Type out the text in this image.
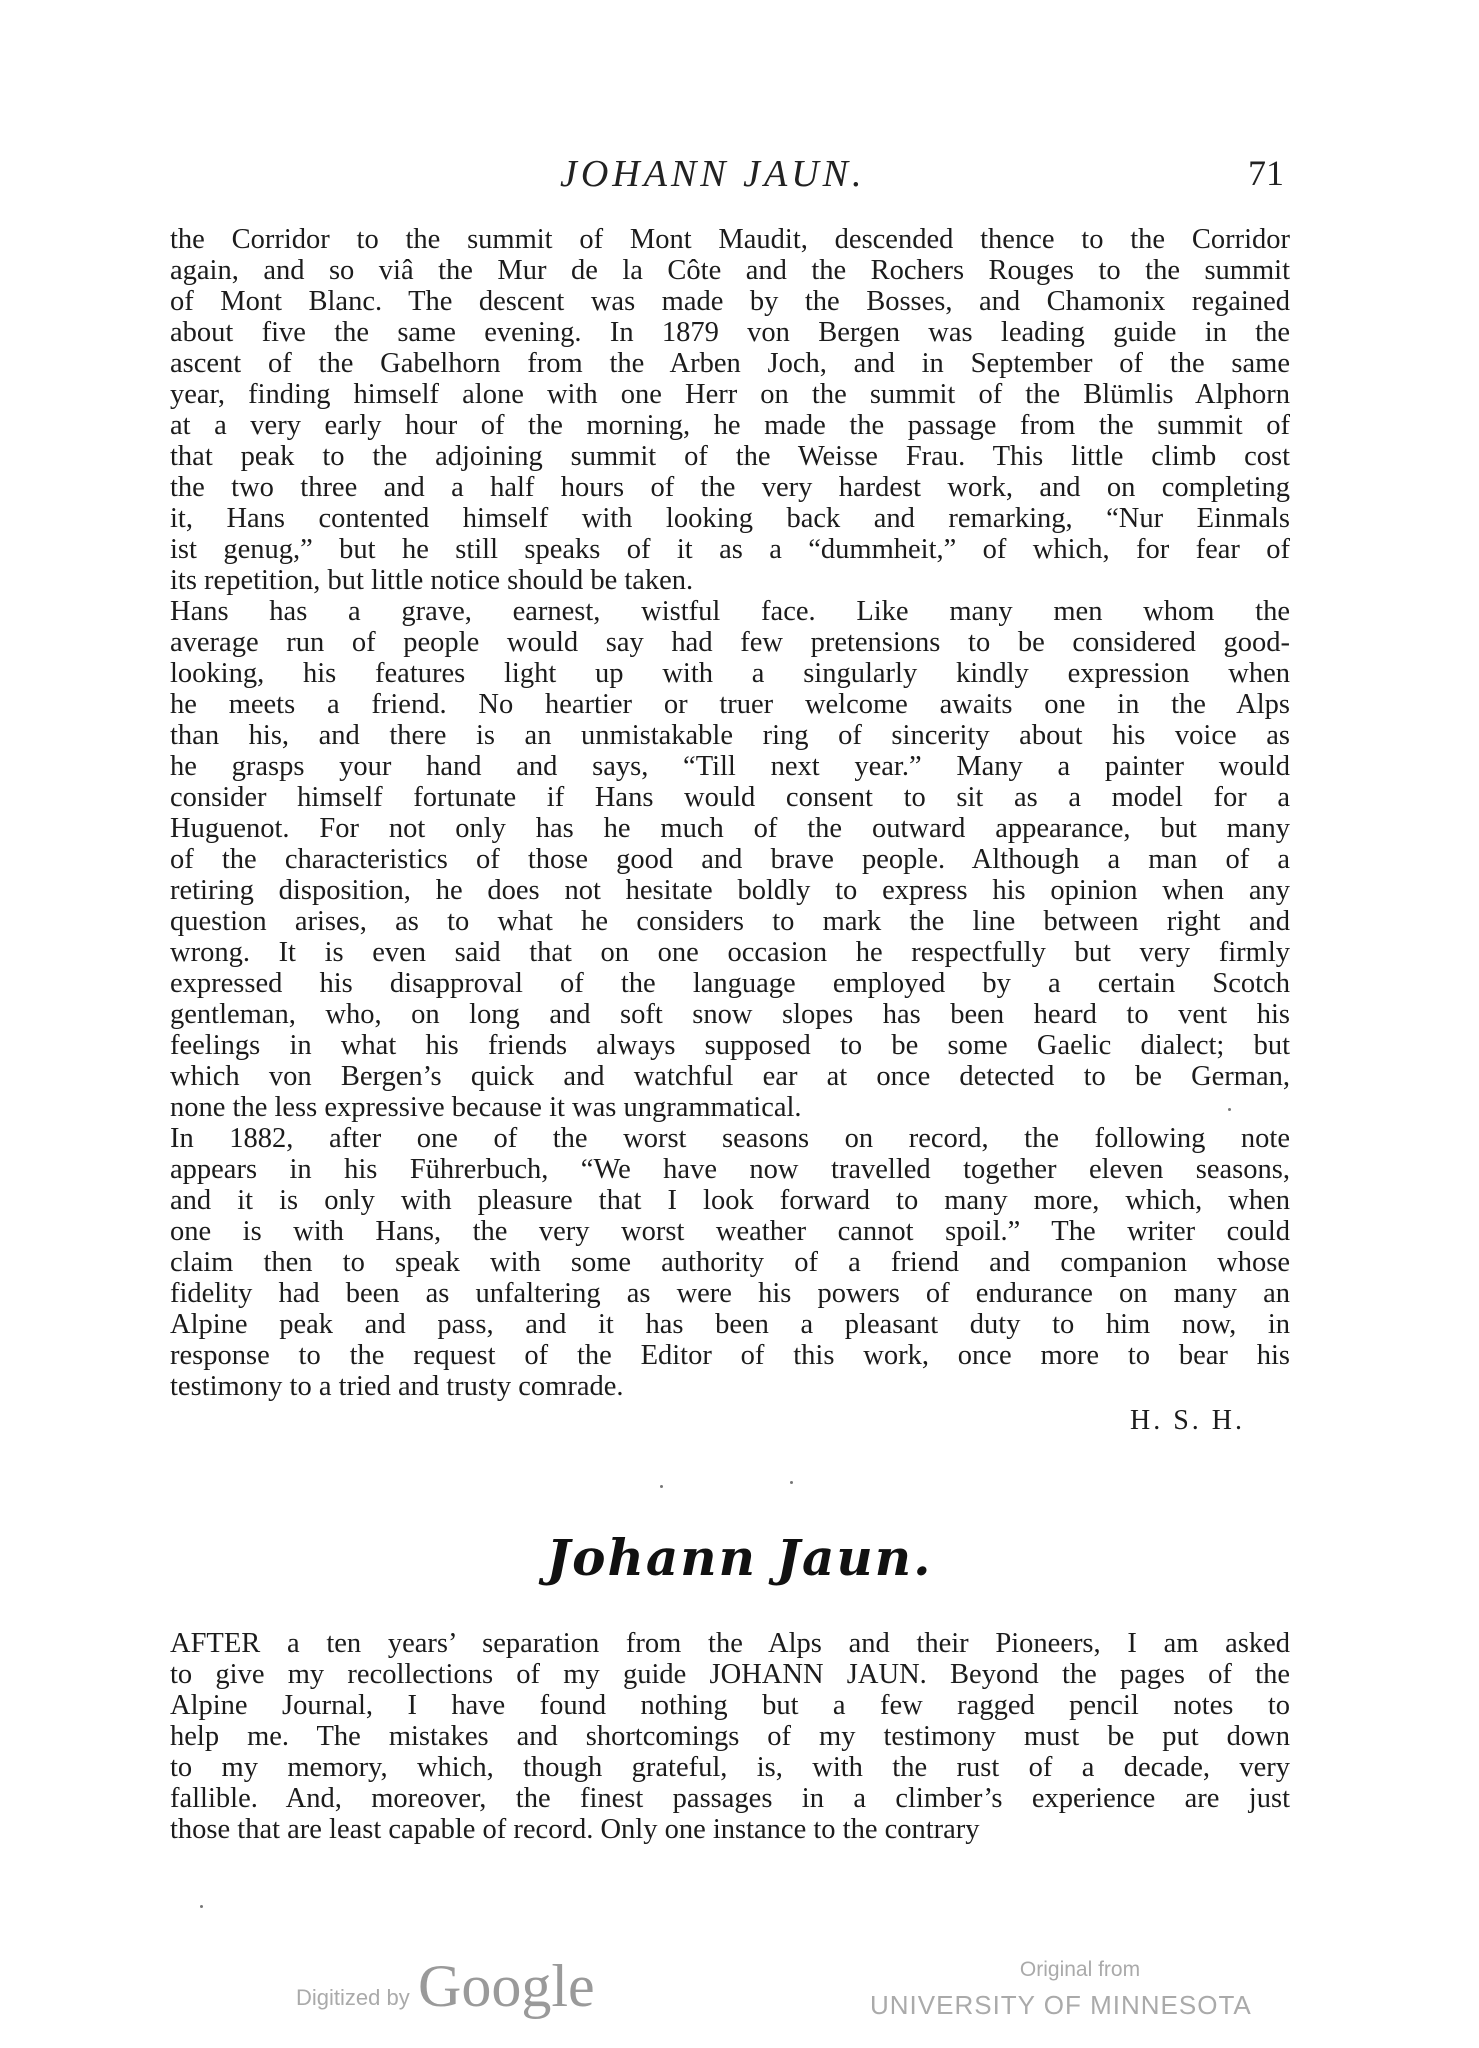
JOHANN JAUN.	71
the Corridor to the summit of Mont Maudit, descended thence to the Corridor
again, and so viâ the Mur de la Côte and the Rochers Rouges to the summit
of Mont Blanc. The descent was made by the Bosses, and Chamonix regained
about five the same evening. In 1879 von Bergen was leading guide in the
ascent of the Gabelhorn from the Arben Joch, and in September of the same
year, finding himself alone with one Herr on the summit of the Blümlis Alphorn
at a very early hour of the morning, he made the passage from the summit of
that peak to the adjoining summit of the Weisse Frau. This little climb cost
the two three and a half hours of the very hardest work, and on completing
it, Hans contented himself with looking back and remarking, “Nur Einmals
ist genug,” but he still speaks of it as a “dummheit,” of which, for fear of
its repetition, but little notice should be taken.
Hans has a grave, earnest, wistful face. Like many men whom the
average run of people would say had few pretensions to be considered good-
looking, his features light up with a singularly kindly expression when
he meets a friend. No heartier or truer welcome awaits one in the Alps
than his, and there is an unmistakable ring of sincerity about his voice as
he grasps your hand and says, “Till next year.” Many a painter would
consider himself fortunate if Hans would consent to sit as a model for a
Huguenot. For not only has he much of the outward appearance, but many
of the characteristics of those good and brave people. Although a man of a
retiring disposition, he does not hesitate boldly to express his opinion when any
question arises, as to what he considers to mark the line between right and
wrong. It is even said that on one occasion he respectfully but very firmly
expressed his disapproval of the language employed by a certain Scotch
gentleman, who, on long and soft snow slopes has been heard to vent his
feelings in what his friends always supposed to be some Gaelic dialect; but
which von Bergen’s quick and watchful ear at once detected to be German,
none the less expressive because it was ungrammatical.
In 1882, after one of the worst seasons on record, the following note
appears in his Führerbuch, “We have now travelled together eleven seasons,
and it is only with pleasure that I look forward to many more, which, when
one is with Hans, the very worst weather cannot spoil.” The writer could
claim then to speak with some authority of a friend and companion whose
fidelity had been as unfaltering as were his powers of endurance on many an
Alpine peak and pass, and it has been a pleasant duty to him now, in
response to the request of the Editor of this work, once more to bear his
testimony to a tried and trusty comrade.
H. S. H.
Johann Jaun.
AFTER a ten years’ separation from the Alps and their Pioneers, I am asked
to give my recollections of my guide JOHANN JAUN. Beyond the pages of the
Alpine Journal, I have found nothing but a few ragged pencil notes to
help me. The mistakes and shortcomings of my testimony must be put down
to my memory, which, though grateful, is, with the rust of a decade, very
fallible. And, moreover, the finest passages in a climber’s experience are just
those that are least capable of record. Only one instance to the contrary
Digitized by Google	Original from
UNIVERSITY OF MINNESOTA
